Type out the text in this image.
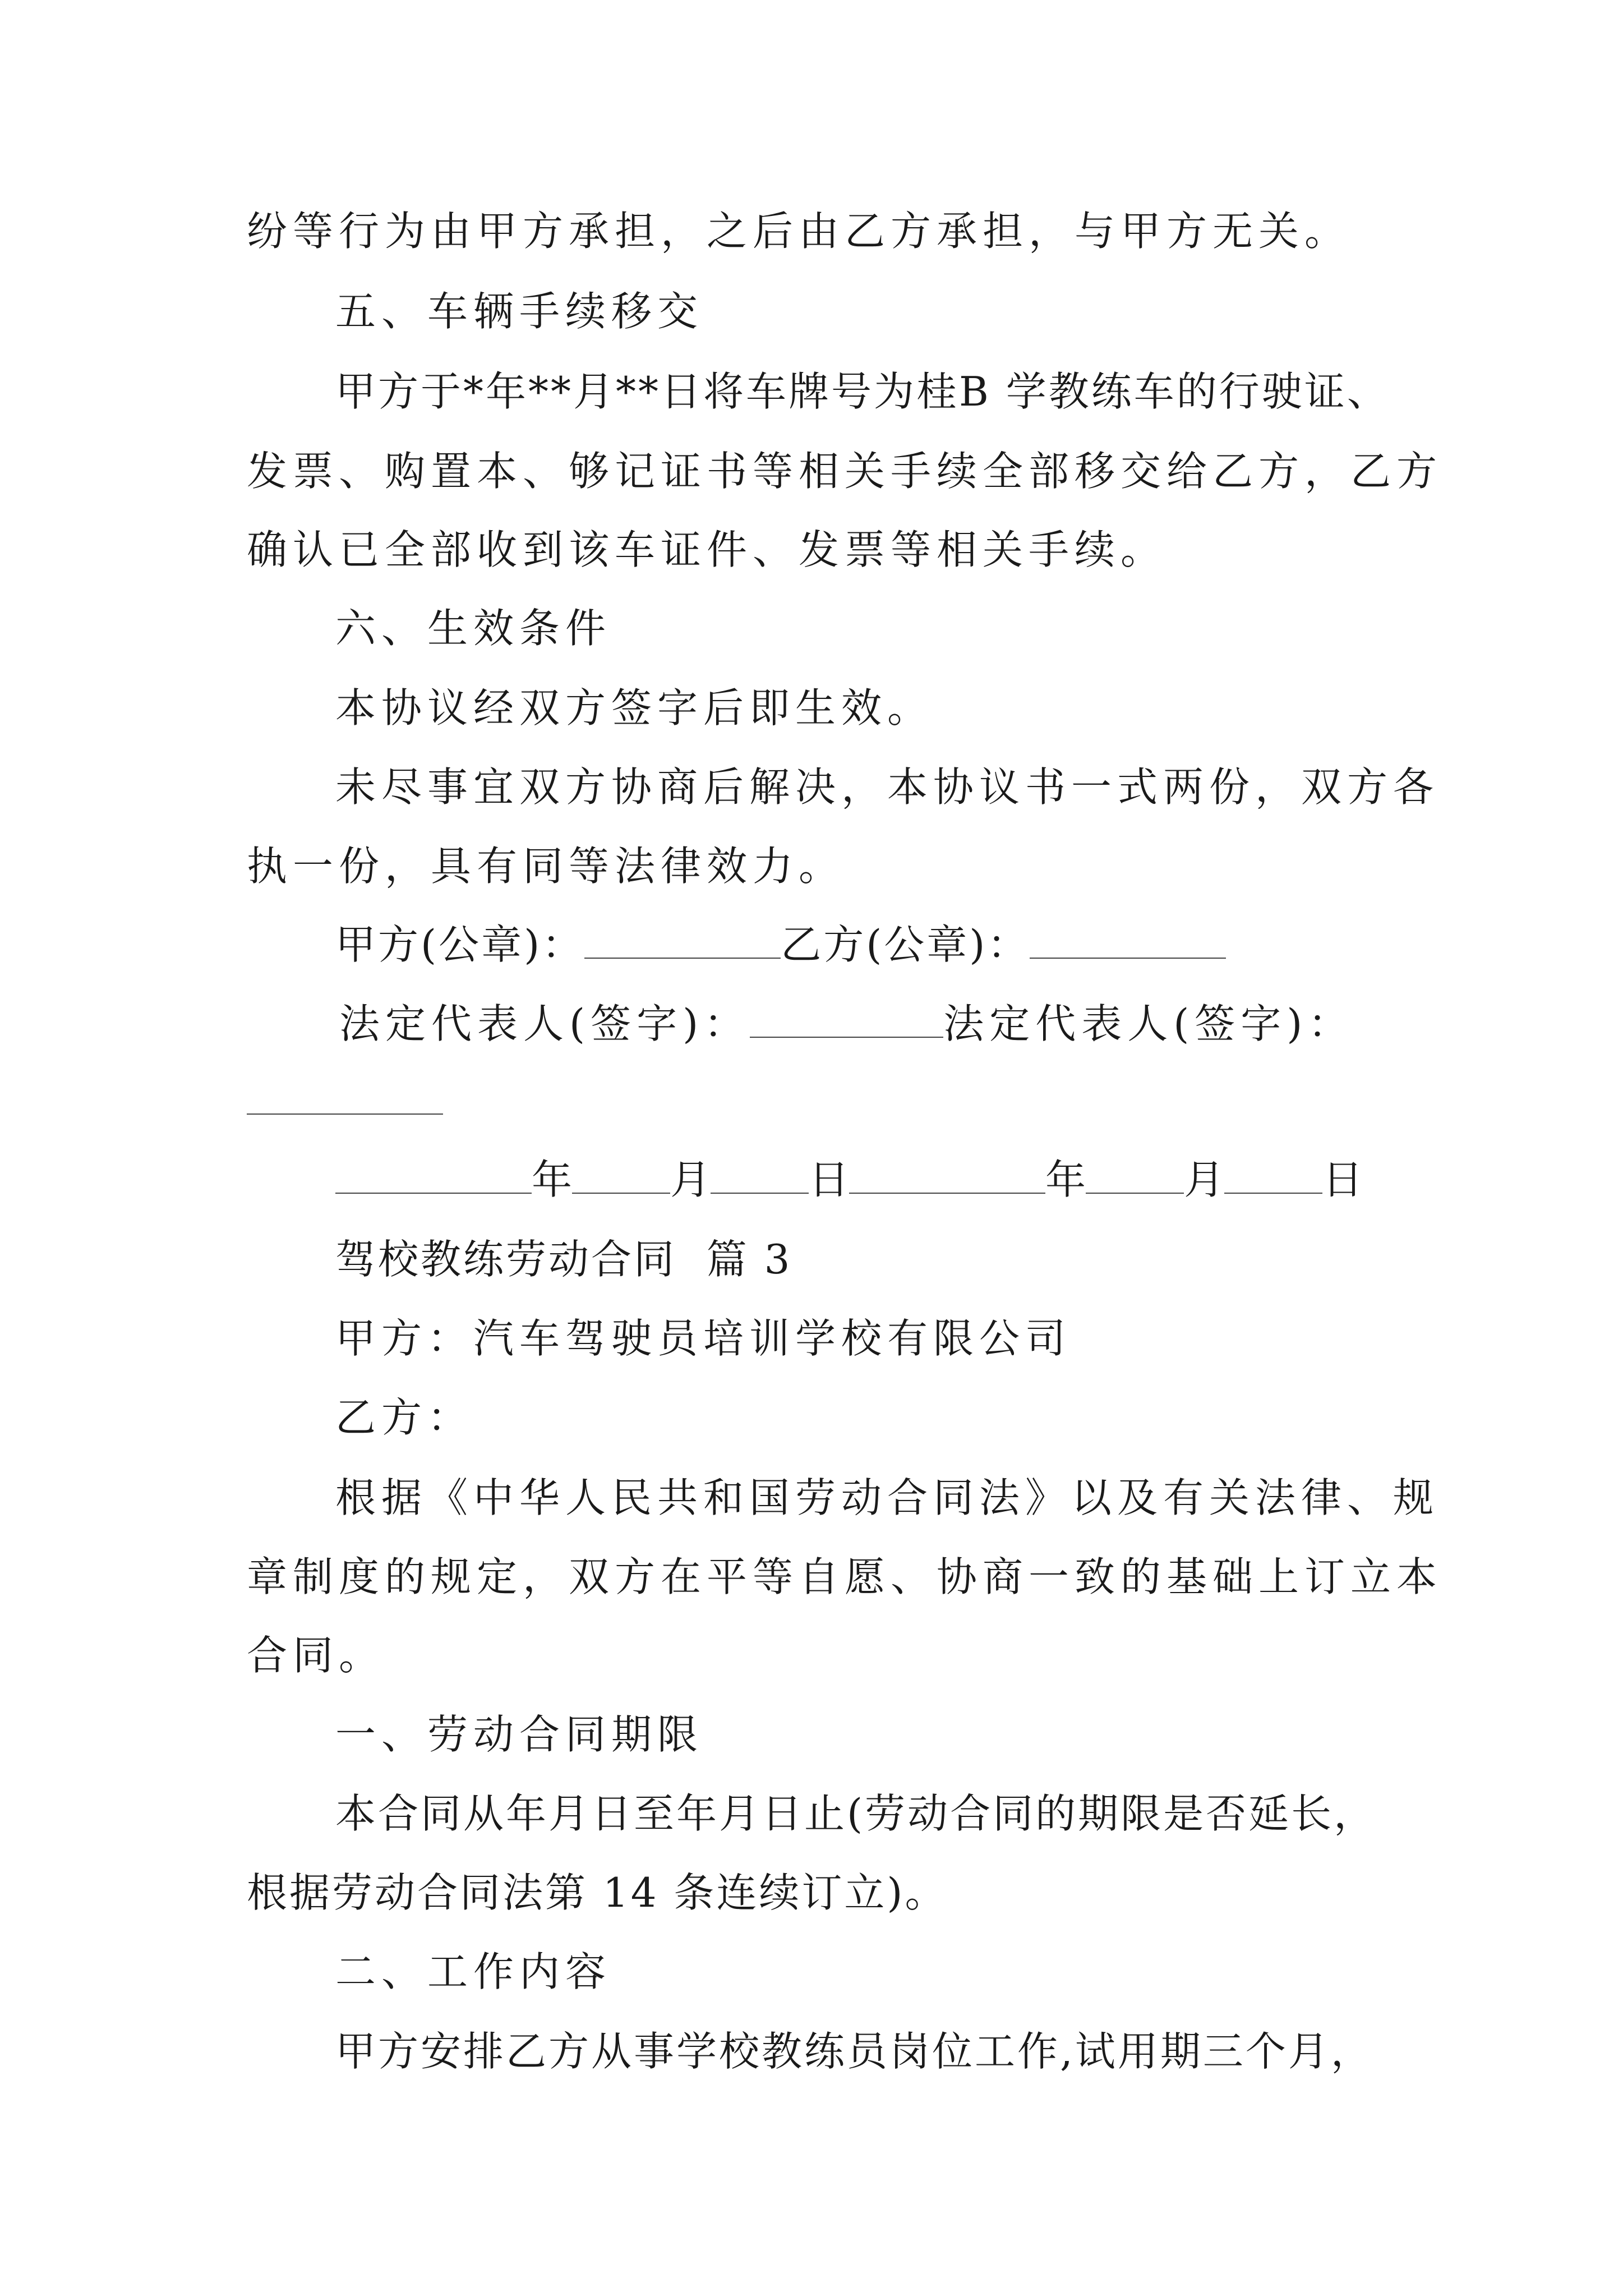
纷等行为由甲方承担，之后由乙方承担，与甲方无关。
五、车辆手续移交
甲方于*年**月**日将车牌号为桂B 学教练车的行驶证、
发票、购置本、够记证书等相关手续全部移交给乙方，乙方
确认已全部收到该车证件、发票等相关手续。
六、生效条件
本协议经双方签字后即生效。
未尽事宜双方协商后解决，本协议书一式两份，双方各
执一份，具有同等法律效力。
甲方(公章)：	乙方(公章)：
法定代表人(签字)：	法定代表人(签字)：
年 月 日	年 月 日
驾校教练劳动合同  篇 3
甲方：汽车驾驶员培训学校有限公司
乙方：
根据《中华人民共和国劳动合同法》以及有关法律、规
章制度的规定，双方在平等自愿、协商一致的基础上订立本
合同。
一、劳动合同期限
本合同从年月日至年月日止(劳动合同的期限是否延长，
根据劳动合同法第 14 条连续订立)。
二、工作内容
甲方安排乙方从事学校教练员岗位工作,试用期三个月，
